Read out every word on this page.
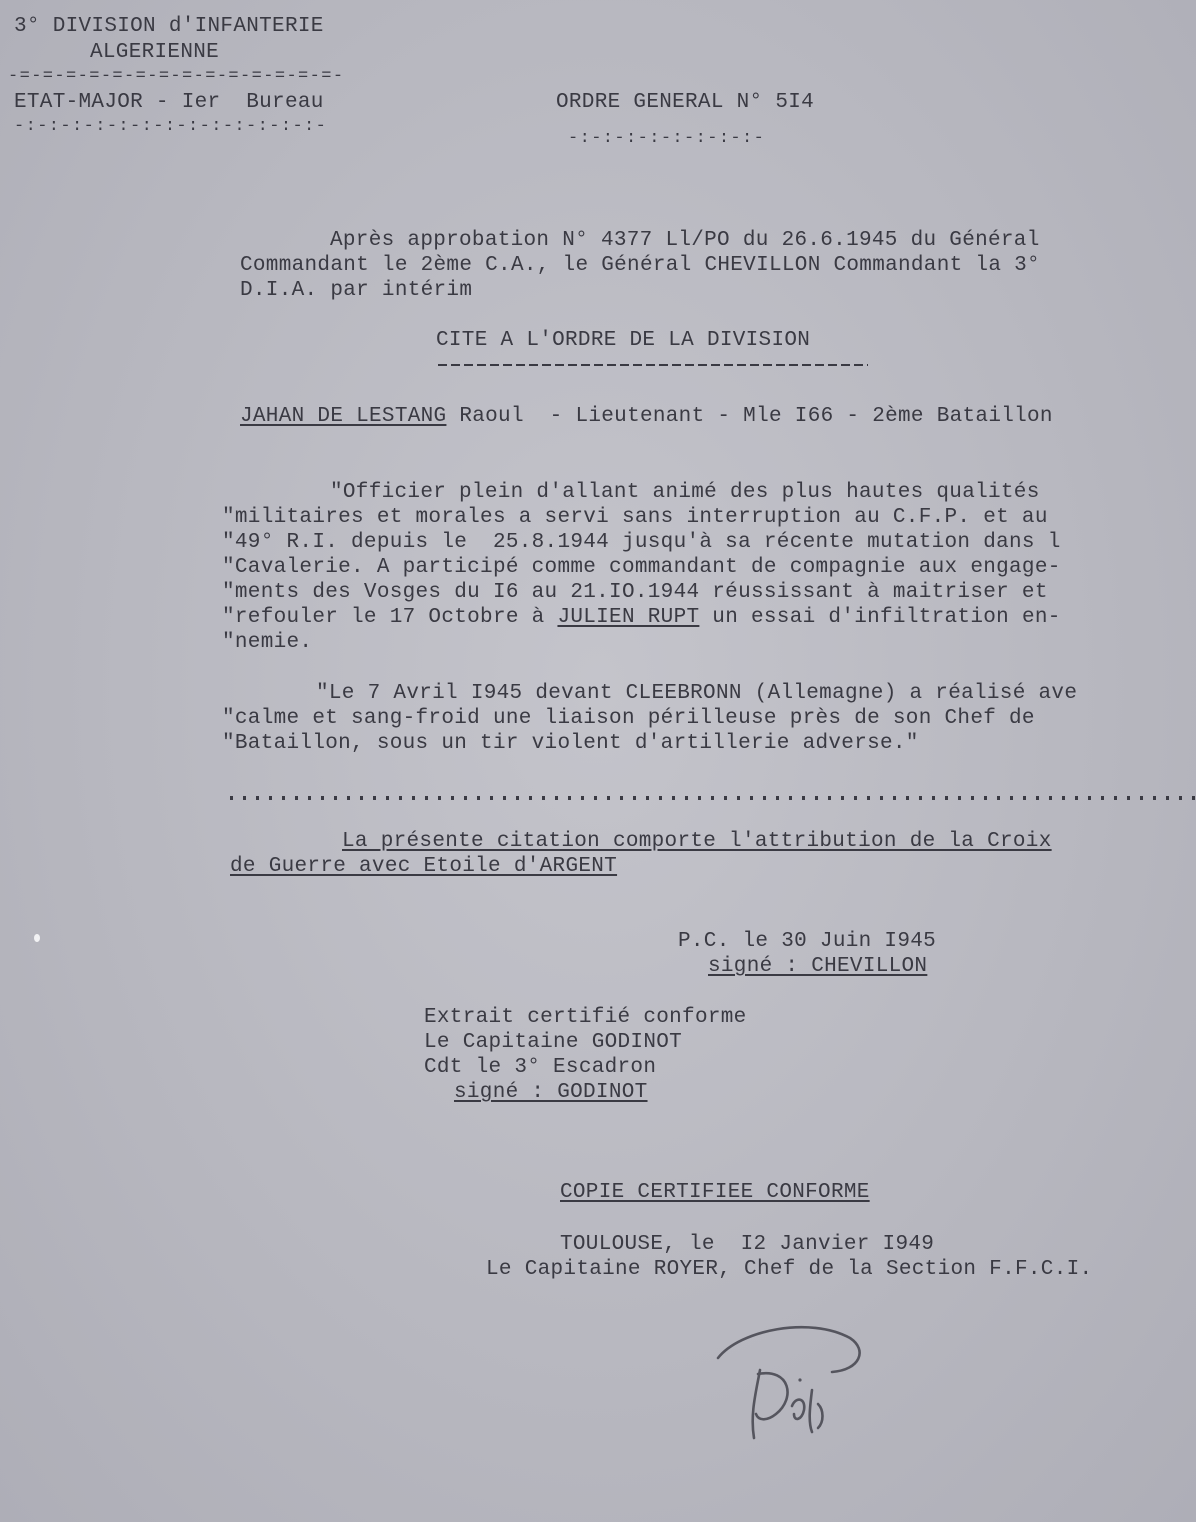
3° DIVISION d'INFANTERIE
ALGERIENNE
-=-=-=-=-=-=-=-=-=-=-=-=-=-=-
ETAT-MAJOR - Ier  Bureau
-:-:-:-:-:-:-:-:-:-:-:-:-:-
ORDRE GENERAL N° 5I4
-:-:-:-:-:-:-:-:-
Après approbation N° 4377 Ll/PO du 26.6.1945 du Général
Commandant le 2ème C.A., le Général CHEVILLON Commandant la 3°
D.I.A. par intérim
CITE A L'ORDRE DE LA DIVISION
JAHAN DE LESTANG Raoul  - Lieutenant - Mle I66 - 2ème Bataillon
"Officier plein d'allant animé des plus hautes qualités
"militaires et morales a servi sans interruption au C.F.P. et au
"49° R.I. depuis le  25.8.1944 jusqu'à sa récente mutation dans l
"Cavalerie. A participé comme commandant de compagnie aux engage-
"ments des Vosges du I6 au 21.IO.1944 réussissant à maitriser et
"refouler le 17 Octobre à JULIEN RUPT un essai d'infiltration en-
"nemie.
"Le 7 Avril I945 devant CLEEBRONN (Allemagne) a réalisé ave
"calme et sang-froid une liaison périlleuse près de son Chef de
"Bataillon, sous un tir violent d'artillerie adverse."
La présente citation comporte l'attribution de la Croix
de Guerre avec Etoile d'ARGENT
P.C. le 30 Juin I945
signé : CHEVILLON
Extrait certifié conforme
Le Capitaine GODINOT
Cdt le 3° Escadron
signé : GODINOT
COPIE CERTIFIEE CONFORME
TOULOUSE, le  I2 Janvier I949
Le Capitaine ROYER, Chef de la Section F.F.C.I.
